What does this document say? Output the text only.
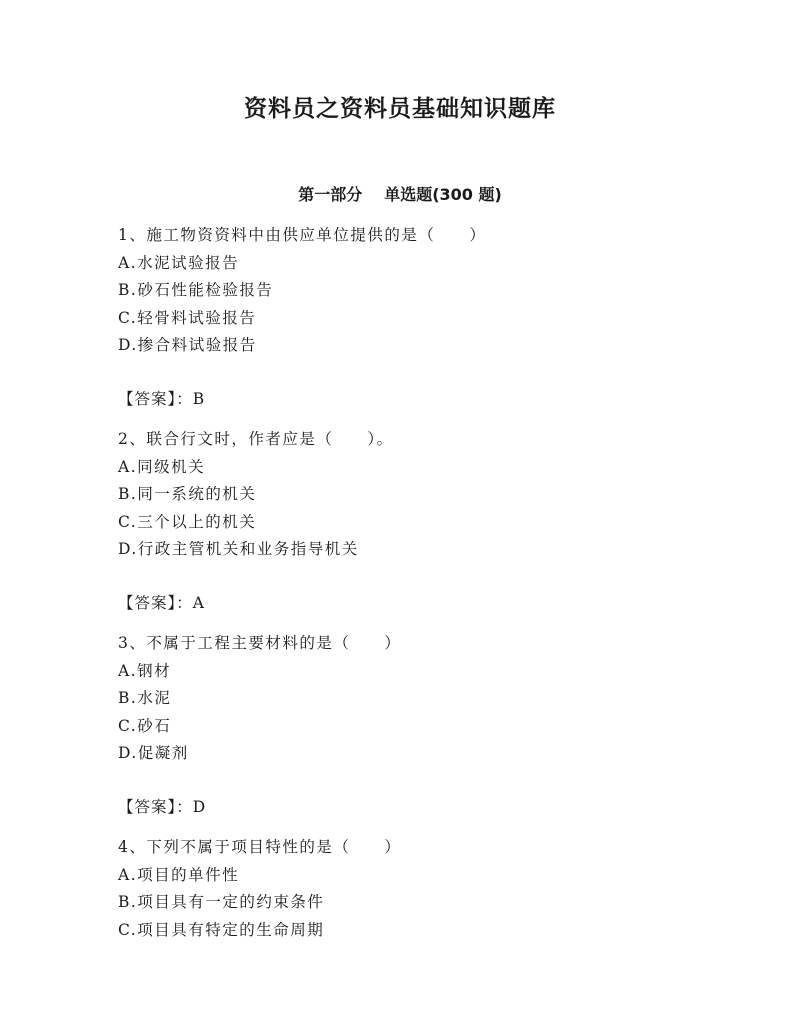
资料员之资料员基础知识题库
第一部分 单选题(300 题)
1、施工物资资料中由供应单位提供的是（　　）
A.水泥试验报告
B.砂石性能检验报告
C.轻骨料试验报告
D.掺合料试验报告
【答案】：B
2、联合行文时，作者应是（　　）。
A.同级机关
B.同一系统的机关
C.三个以上的机关
D.行政主管机关和业务指导机关
【答案】：A
3、不属于工程主要材料的是（　　）
A.钢材
B.水泥
C.砂石
D.促凝剂
【答案】：D
4、下列不属于项目特性的是（　　）
A.项目的单件性
B.项目具有一定的约束条件
C.项目具有特定的生命周期
